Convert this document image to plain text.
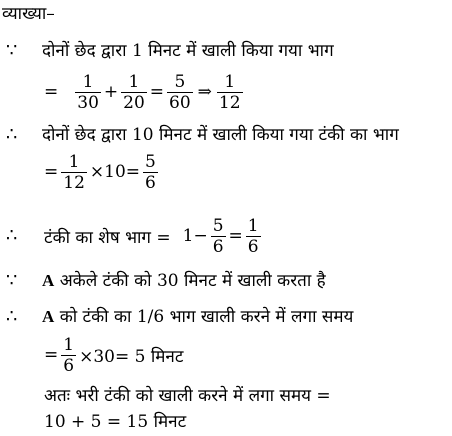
व्याख्या–
∵	दोनों छेद द्वारा 1 मिनट में खाली किया गया भाग
= $\frac{1}{30} + \frac{1}{20} = \frac{5}{60}$ ⇒ $\frac{1}{12}$
∴	दोनों छेद द्वारा 10 मिनट में खाली किया गया टंकी का भाग
= $\frac{1}{12} \times 10= \frac{5}{6}$
∴	टंकी का शेष भाग = $1- \frac{5}{6} = \frac{1}{6}$
∵	A अकेले टंकी को 30 मिनट में खाली करता है
∴	A को टंकी का 1/6 भाग खाली करने में लगा समय
= $\frac{1}{6} \times 30= 5$ मिनट
अतः भरी टंकी को खाली करने में लगा समय =
10 + 5 = 15 मिनट
